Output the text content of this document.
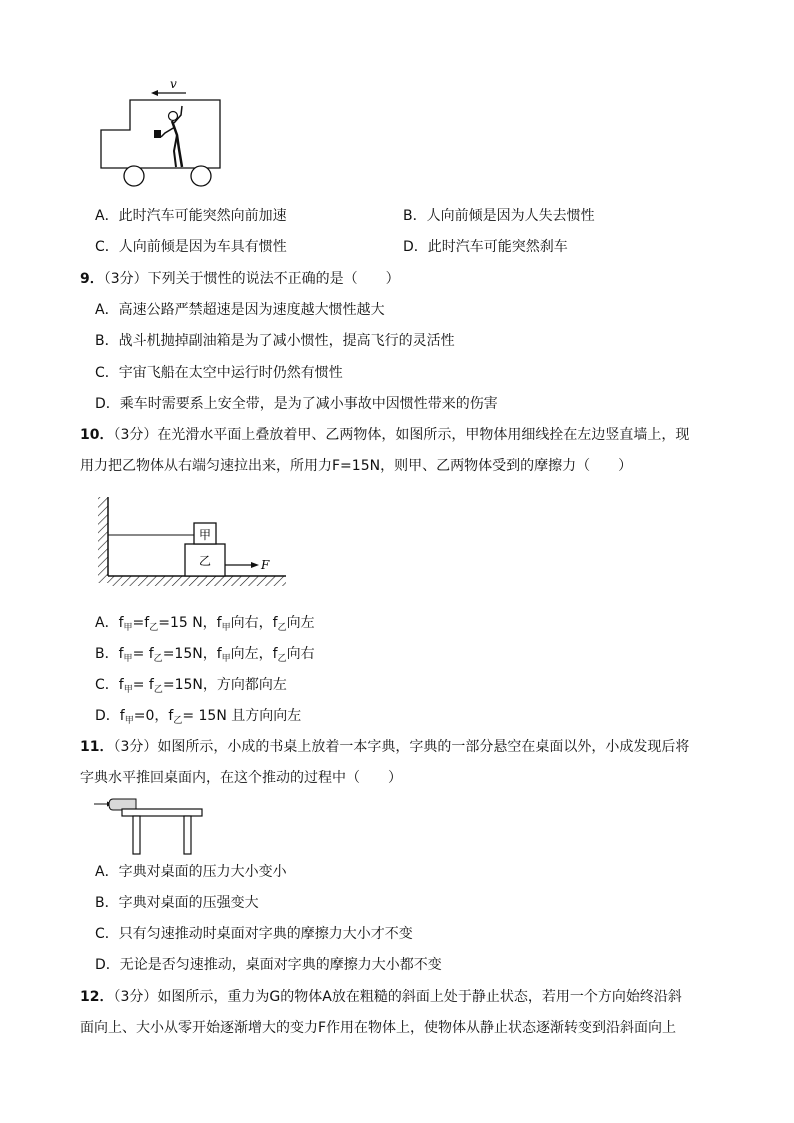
v
A．此时汽车可能突然向前加速	B．人向前倾是因为人失去惯性
C．人向前倾是因为车具有惯性	D．此时汽车可能突然刹车
9．（3分）下列关于惯性的说法不正确的是（　　）
A．高速公路严禁超速是因为速度越大惯性越大
B．战斗机抛掉副油箱是为了减小惯性，提高飞行的灵活性
C．宇宙飞船在太空中运行时仍然有惯性
D．乘车时需要系上安全带，是为了减小事故中因惯性带来的伤害
10．（3分）在光滑水平面上叠放着甲、乙两物体，如图所示，甲物体用细线拴在左边竖直墙上，现
用力把乙物体从右端匀速拉出来，所用力F=15N，则甲、乙两物体受到的摩擦力（　　）
甲
乙	F
A．$f_甲=f_乙=15$ N，$f_甲$向右，$f_乙$向左
B．$f_甲= f_乙=15N$，$f_甲$向左，$f_乙$向右
C．$f_甲= f_乙=15N$，方向都向左
D．$f_甲=0$，$f_乙= 15N$ 且方向向左
11．（3分）如图所示，小成的书桌上放着一本字典，字典的一部分悬空在桌面以外，小成发现后将
字典水平推回桌面内，在这个推动的过程中（　　）
A．字典对桌面的压力大小变小
B．字典对桌面的压强变大
C．只有匀速推动时桌面对字典的摩擦力大小才不变
D．无论是否匀速推动，桌面对字典的摩擦力大小都不变
12．（3分）如图所示，重力为G的物体A放在粗糙的斜面上处于静止状态，若用一个方向始终沿斜
面向上、大小从零开始逐渐增大的变力F作用在物体上，使物体从静止状态逐渐转变到沿斜面向上
